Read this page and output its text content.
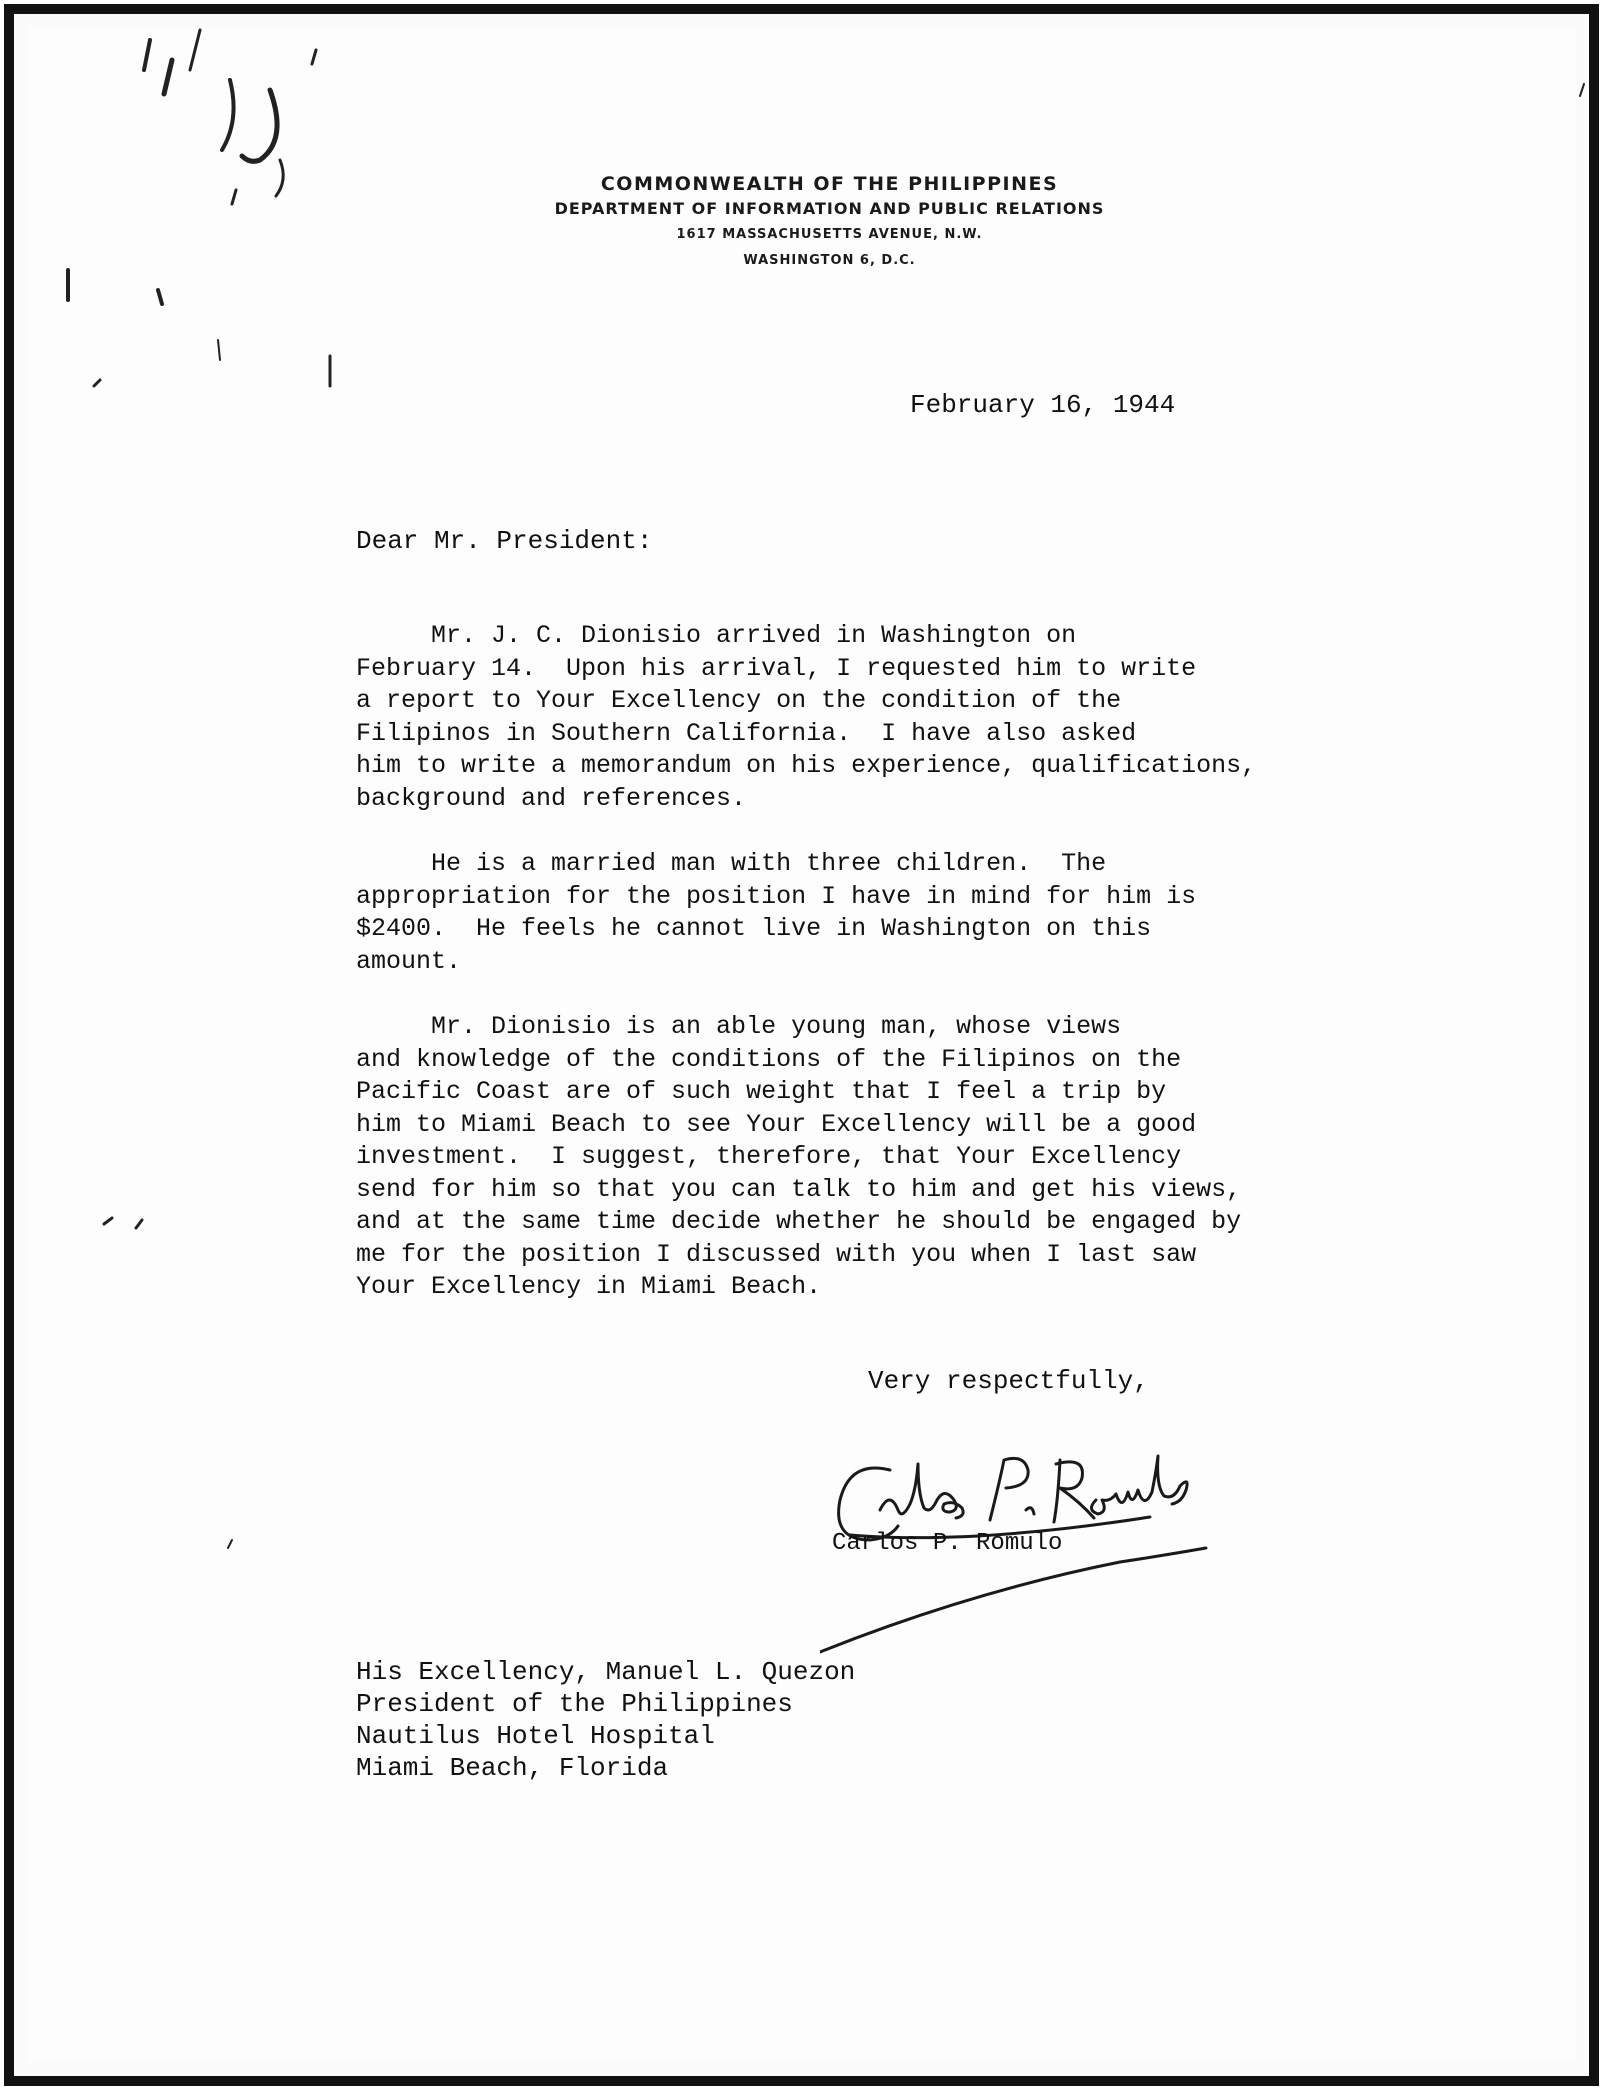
COMMONWEALTH OF THE PHILIPPINES
DEPARTMENT OF INFORMATION AND PUBLIC RELATIONS
1617 MASSACHUSETTS AVENUE, N.W.
WASHINGTON 6, D.C.
February 16, 1944
Dear Mr. President:
Mr. J. C. Dionisio arrived in Washington on
February 14.  Upon his arrival, I requested him to write
a report to Your Excellency on the condition of the
Filipinos in Southern California.  I have also asked
him to write a memorandum on his experience, qualifications,
background and references.
He is a married man with three children.  The
appropriation for the position I have in mind for him is
$2400.  He feels he cannot live in Washington on this
amount.
Mr. Dionisio is an able young man, whose views
and knowledge of the conditions of the Filipinos on the
Pacific Coast are of such weight that I feel a trip by
him to Miami Beach to see Your Excellency will be a good
investment.  I suggest, therefore, that Your Excellency
send for him so that you can talk to him and get his views,
and at the same time decide whether he should be engaged by
me for the position I discussed with you when I last saw
Your Excellency in Miami Beach.
Very respectfully,
Carlos P. Romulo
His Excellency, Manuel L. Quezon
President of the Philippines
Nautilus Hotel Hospital
Miami Beach, Florida
